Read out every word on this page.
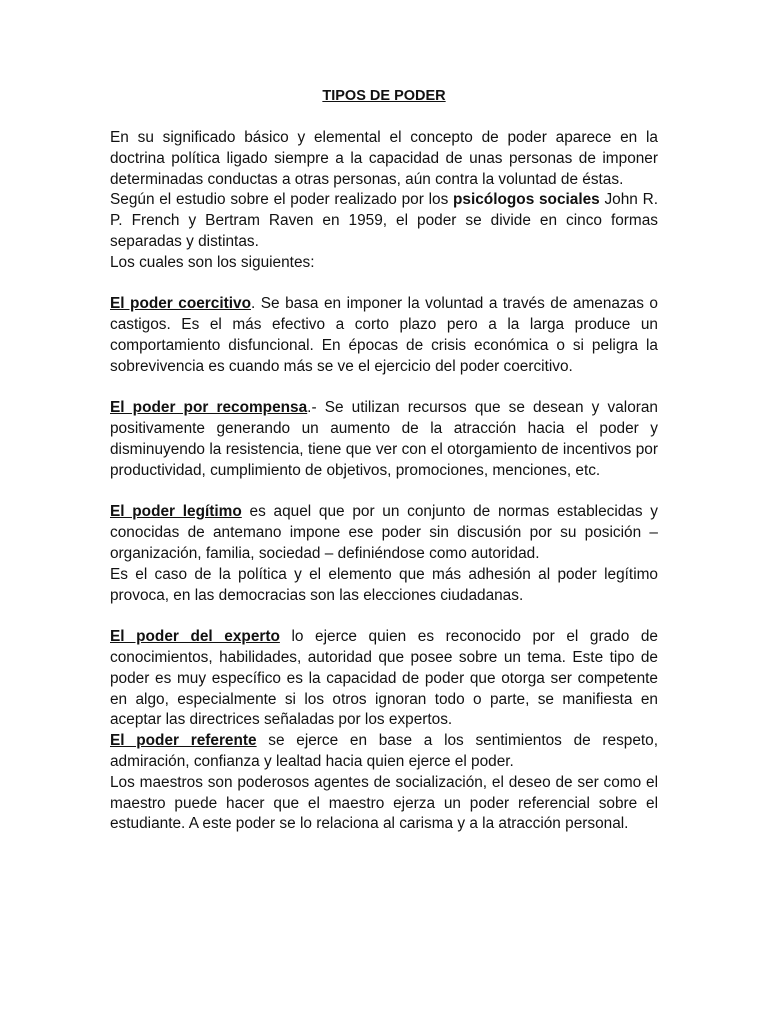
TIPOS DE PODER

En su significado básico y elemental el concepto de poder aparece en la doctrina política ligado siempre a la capacidad de unas personas de imponer determinadas conductas a otras personas, aún contra la voluntad de éstas.

Según el estudio sobre el poder realizado por los psicólogos sociales John R. P. French y Bertram Raven en 1959, el poder se divide en cinco formas separadas y distintas.

Los cuales son los siguientes:

El poder coercitivo. Se basa en imponer la voluntad a través de amenazas o castigos. Es el más efectivo a corto plazo pero a la larga produce un comportamiento disfuncional. En épocas de crisis económica o si peligra la sobrevivencia es cuando más se ve el ejercicio del poder coercitivo.

El poder por recompensa.- Se utilizan recursos que se desean y valoran positivamente generando un aumento de la atracción hacia el poder y disminuyendo la resistencia, tiene que ver con el otorgamiento de incentivos por productividad, cumplimiento de objetivos, promociones, menciones, etc.

El poder legítimo es aquel que por un conjunto de normas establecidas y conocidas de antemano impone ese poder sin discusión por su posición – organización, familia, sociedad – definiéndose como autoridad.

Es el caso de la política y el elemento que más adhesión al poder legítimo provoca, en las democracias son las elecciones ciudadanas.

El poder del experto lo ejerce quien es reconocido por el grado de conocimientos, habilidades, autoridad que posee sobre un tema. Este tipo de poder es muy específico es la capacidad de poder que otorga ser competente en algo, especialmente si los otros ignoran todo o parte, se manifiesta en aceptar las directrices señaladas por los expertos.

El poder referente se ejerce en base a los sentimientos de respeto, admiración, confianza y lealtad hacia quien ejerce el poder.

Los maestros son poderosos agentes de socialización, el deseo de ser como el maestro puede hacer que el maestro ejerza un poder referencial sobre el estudiante. A este poder se lo relaciona al carisma y a la atracción personal.
